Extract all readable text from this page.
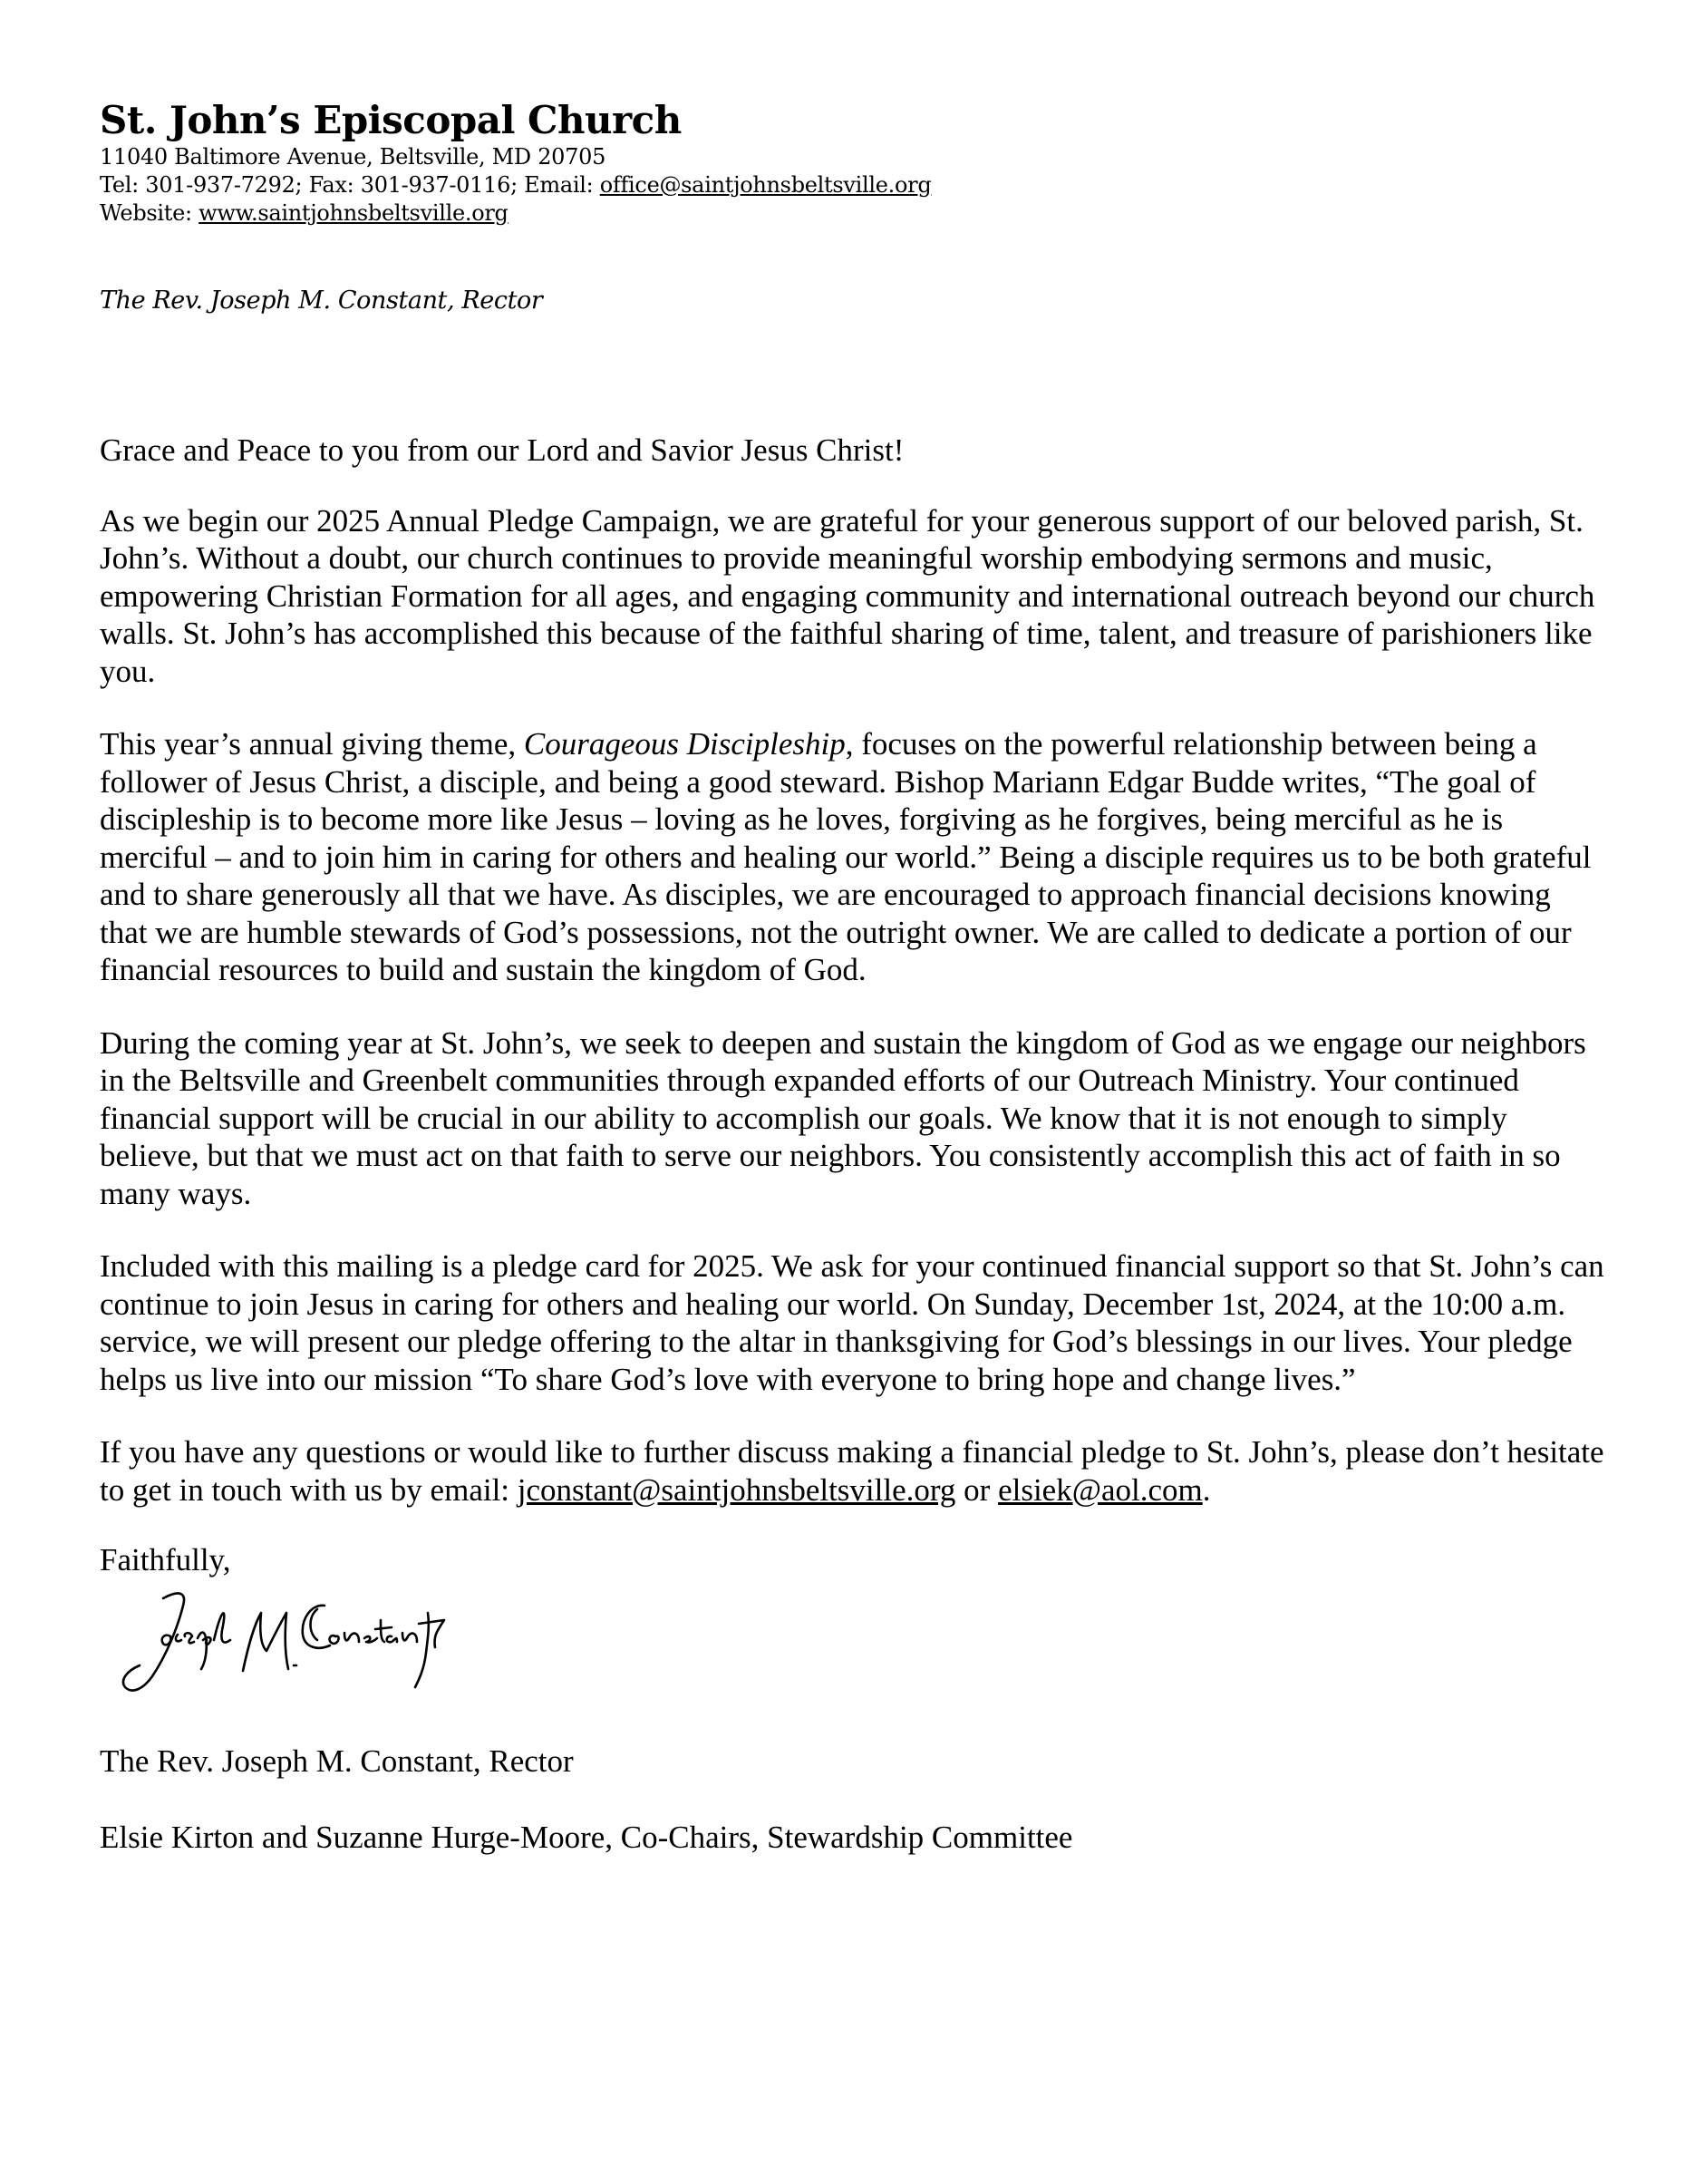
St. John’s Episcopal Church
11040 Baltimore Avenue, Beltsville, MD 20705
Tel: 301-937-7292; Fax: 301-937-0116; Email: office@saintjohnsbeltsville.org
Website: www.saintjohnsbeltsville.org
The Rev. Joseph M. Constant, Rector

Grace and Peace to you from our Lord and Savior Jesus Christ!

As we begin our 2025 Annual Pledge Campaign, we are grateful for your generous support of our beloved parish, St. John’s. Without a doubt, our church continues to provide meaningful worship embodying sermons and music, empowering Christian Formation for all ages, and engaging community and international outreach beyond our church walls. St. John’s has accomplished this because of the faithful sharing of time, talent, and treasure of parishioners like you.

This year’s annual giving theme, Courageous Discipleship, focuses on the powerful relationship between being a follower of Jesus Christ, a disciple, and being a good steward. Bishop Mariann Edgar Budde writes, “The goal of discipleship is to become more like Jesus – loving as he loves, forgiving as he forgives, being merciful as he is merciful – and to join him in caring for others and healing our world.” Being a disciple requires us to be both grateful and to share generously all that we have. As disciples, we are encouraged to approach financial decisions knowing that we are humble stewards of God’s possessions, not the outright owner. We are called to dedicate a portion of our financial resources to build and sustain the kingdom of God.

During the coming year at St. John’s, we seek to deepen and sustain the kingdom of God as we engage our neighbors in the Beltsville and Greenbelt communities through expanded efforts of our Outreach Ministry. Your continued financial support will be crucial in our ability to accomplish our goals. We know that it is not enough to simply believe, but that we must act on that faith to serve our neighbors. You consistently accomplish this act of faith in so many ways.

Included with this mailing is a pledge card for 2025. We ask for your continued financial support so that St. John’s can continue to join Jesus in caring for others and healing our world. On Sunday, December 1st, 2024, at the 10:00 a.m. service, we will present our pledge offering to the altar in thanksgiving for God’s blessings in our lives. Your pledge helps us live into our mission “To share God’s love with everyone to bring hope and change lives.”

If you have any questions or would like to further discuss making a financial pledge to St. John’s, please don’t hesitate to get in touch with us by email: jconstant@saintjohnsbeltsville.org or elsiek@aol.com.

Faithfully,
The Rev. Joseph M. Constant, Rector
Elsie Kirton and Suzanne Hurge-Moore, Co-Chairs, Stewardship Committee
